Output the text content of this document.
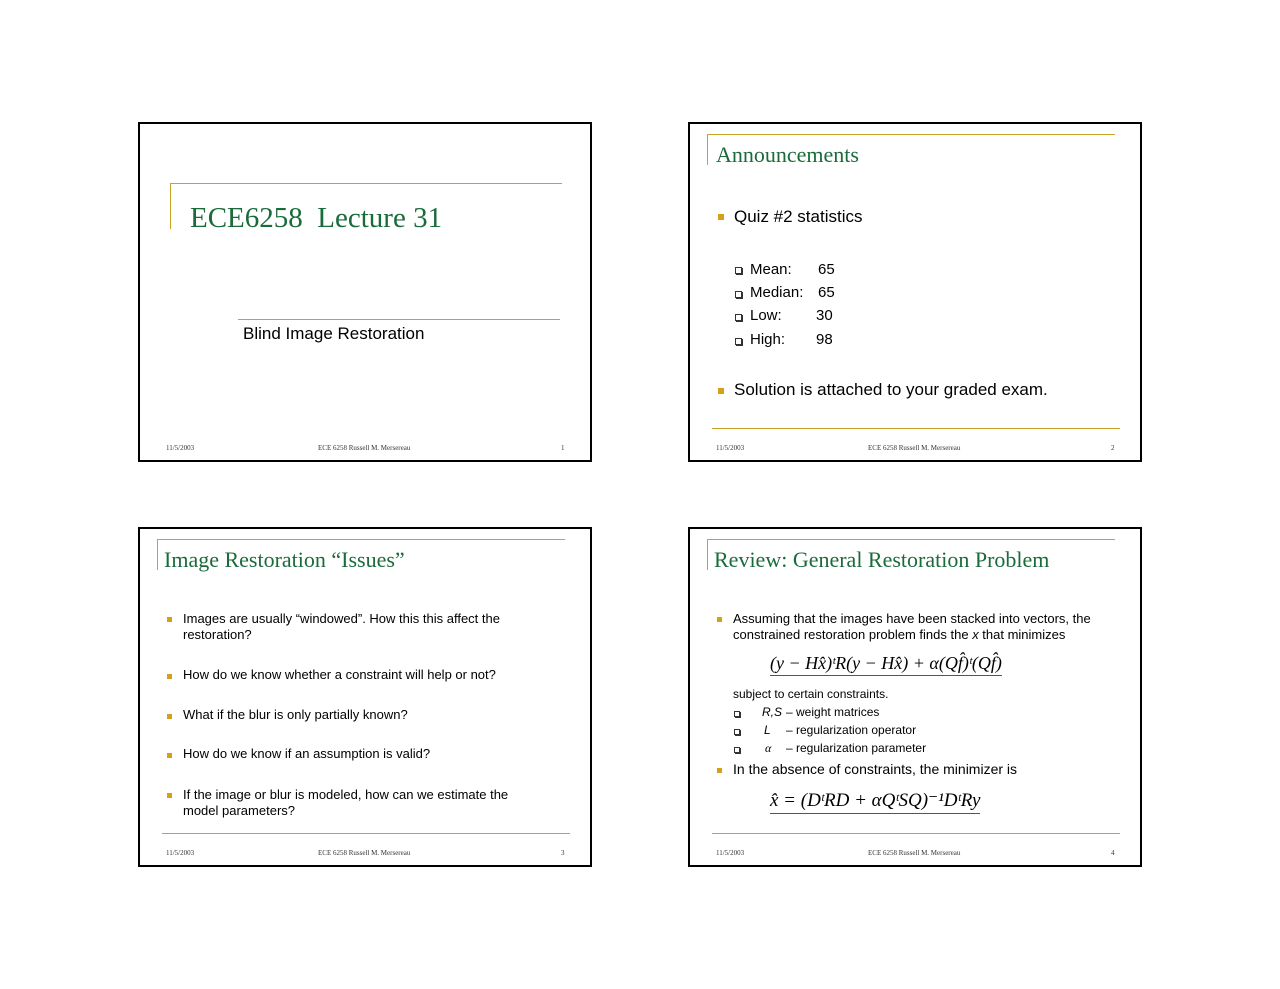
ECE6258  Lecture 31
Blind Image Restoration
11/5/2003	ECE 6258 Russell M. Mersereau	1
Announcements
Quiz #2 statistics
Mean: 65
Median: 65
Low: 30
High: 98
Solution is attached to your graded exam.
11/5/2003	ECE 6258 Russell M. Mersereau	2
Image Restoration “Issues”
Images are usually “windowed”. How this this affect the
restoration?
How do we know whether a constraint will help or not?
What if the blur is only partially known?
How do we know if an assumption is valid?
If the image or blur is modeled, how can we estimate the
model parameters?
11/5/2003	ECE 6258 Russell M. Mersereau	3
Review: General Restoration Problem
Assuming that the images have been stacked into vectors, the
constrained restoration problem finds the x that minimizes
(y − Hx̂)ᵗR(y − Hx̂) + α(Qf̂)ᵗ(Qf̂)
subject to certain constraints.
R,S – weight matrices
L – regularization operator
α – regularization parameter
In the absence of constraints, the minimizer is
x̂ = (DᵗRD + αQᵗSQ)⁻¹DᵗRy
11/5/2003	ECE 6258 Russell M. Mersereau	4
